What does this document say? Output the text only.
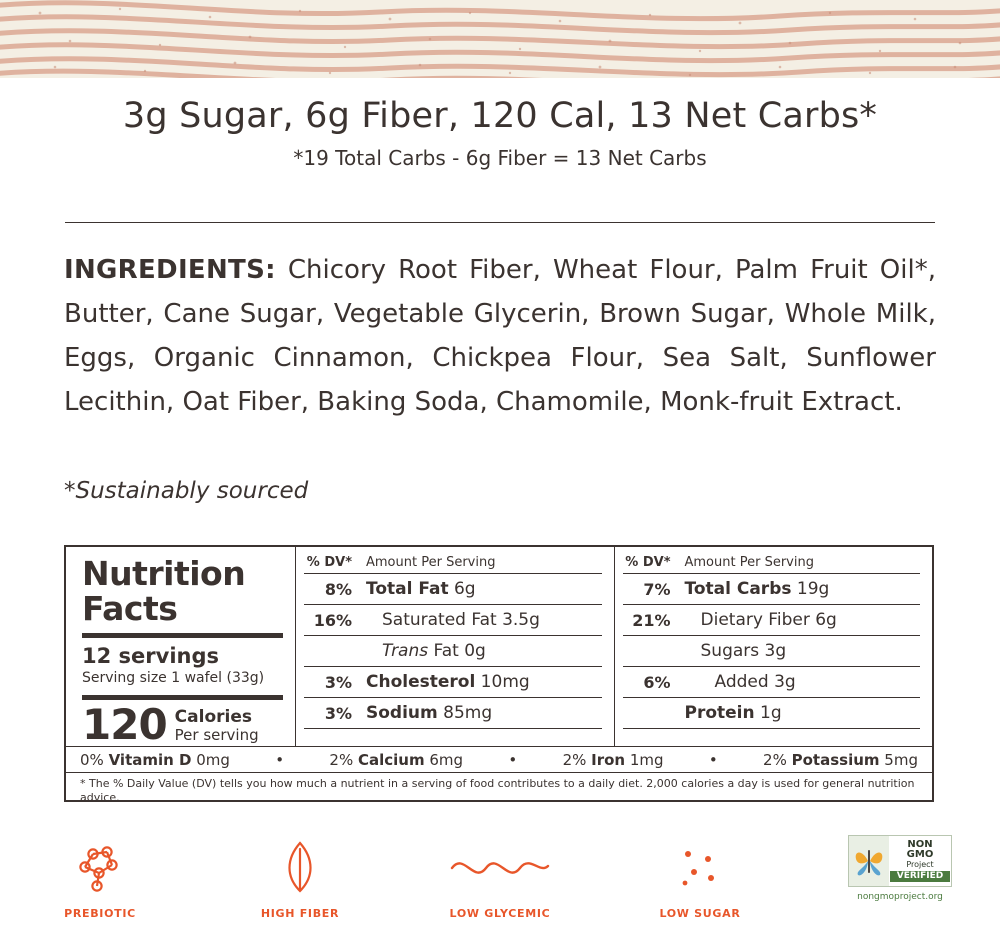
3g Sugar, 6g Fiber, 120 Cal, 13 Net Carbs*
*19 Total Carbs - 6g Fiber = 13 Net Carbs
INGREDIENTS: Chicory Root Fiber, Wheat Flour, Palm Fruit Oil*, Butter, Cane Sugar, Vegetable Glycerin, Brown Sugar, Whole Milk, Eggs, Organic Cinnamon, Chickpea Flour, Sea Salt, Sunflower Lecithin, Oat Fiber, Baking Soda, Chamomile, Monk-fruit Extract.
*Sustainably sourced
Nutrition
Facts
12 servings
Serving size 1 wafel (33g)
120 Calories
Per serving
% DV*	Amount Per Serving
8% Total Fat 6g
16%	Saturated Fat 3.5g
Trans Fat 0g
3% Cholesterol 10mg
3% Sodium 85mg
% DV*	Amount Per Serving
7% Total Carbs 19g
21%	Dietary Fiber 6g
Sugars 3g
6%	Added 3g
Protein 1g
0% Vitamin D 0mg	•	2% Calcium 6mg	•	2% Iron 1mg	•	2% Potassium 5mg
* The % Daily Value (DV) tells you how much a nutrient in a serving of food contributes to a daily diet. 2,000 calories a day is used for general nutrition advice.
PREBIOTIC	HIGH FIBER	LOW GLYCEMIC	LOW SUGAR
NON
GMO
Project
VERIFIED
nongmoproject.org
